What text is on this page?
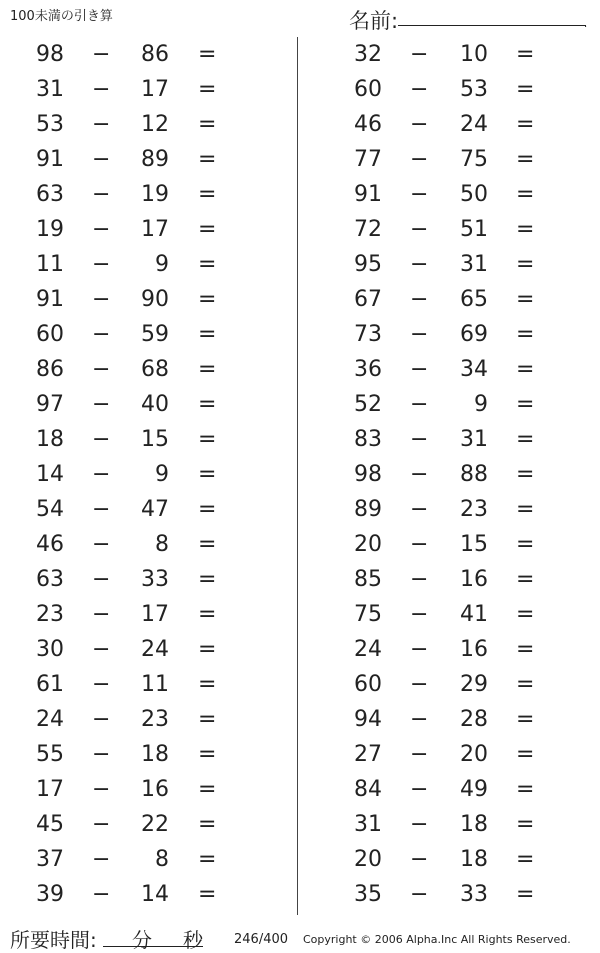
100未満の引き算	名前:	.
98 − 86 =
31 − 17 =
53 − 12 =
91 − 89 =
63 − 19 =
19 − 17 =
11 −	9 =
91 − 90 =
60 − 59 =
86 − 68 =
97 − 40 =
18 − 15 =
14 −	9 =
54 − 47 =
46 −	8 =
63 − 33 =
23 − 17 =
30 − 24 =
61 − 11 =
24 − 23 =
55 − 18 =
17 − 16 =
45 − 22 =
37 −	8 =
39 − 14 =
32 − 10 =
60 − 53 =
46 − 24 =
77 − 75 =
91 − 50 =
72 − 51 =
95 − 31 =
67 − 65 =
73 − 69 =
36 − 34 =
52 −	9 =
83 − 31 =
98 − 88 =
89 − 23 =
20 − 15 =
85 − 16 =
75 − 41 =
24 − 16 =
60 − 29 =
94 − 28 =
27 − 20 =
84 − 49 =
31 − 18 =
20 − 18 =
35 − 33 =
所要時間: 分 秒 246/400 Copyright © 2006 Alpha.Inc All Rights Reserved.
